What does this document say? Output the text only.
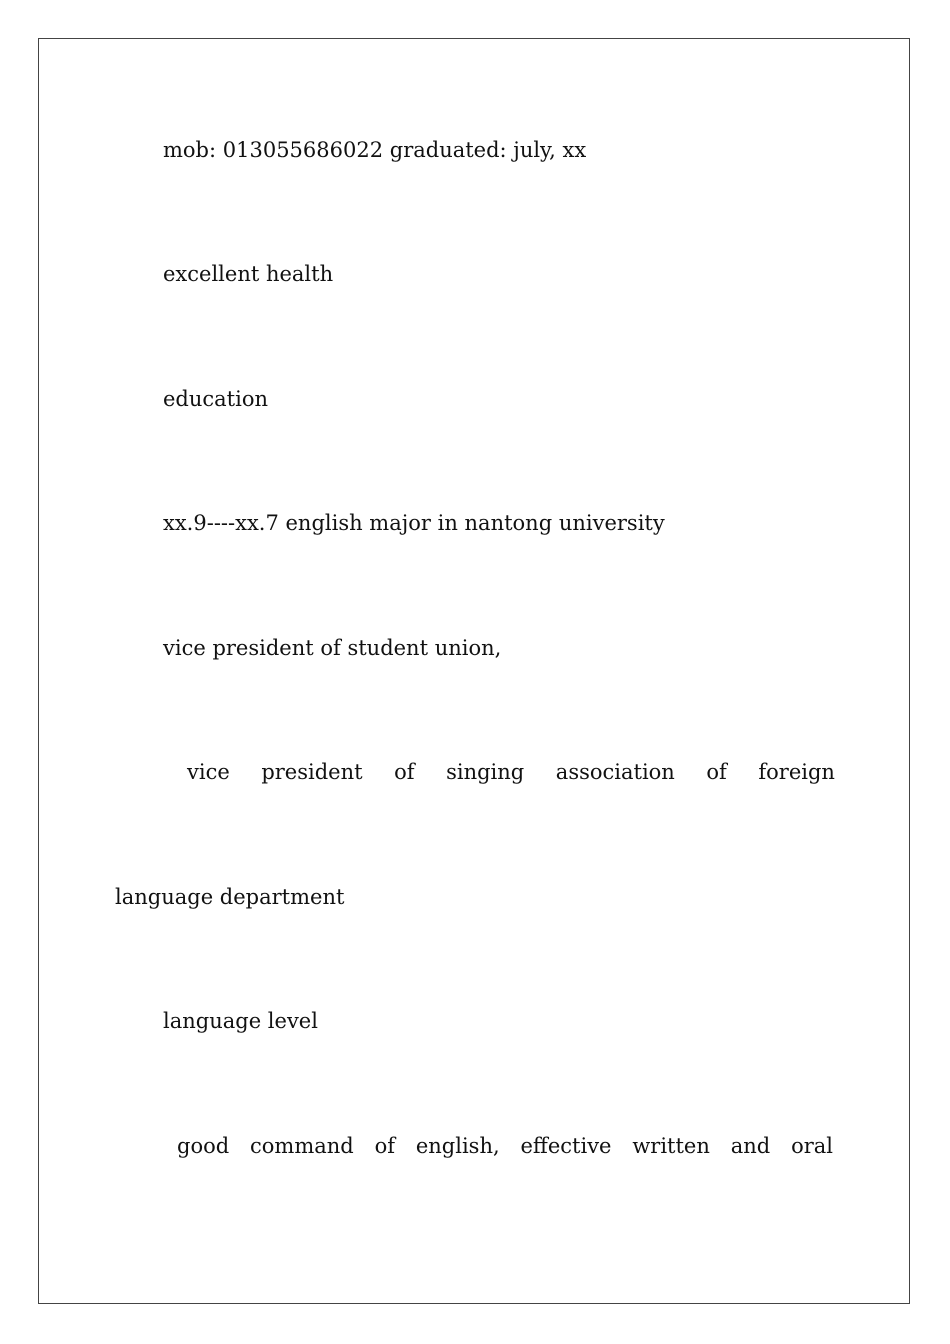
mob: 013055686022 graduated: july, xx
excellent health
education
xx.9----xx.7 english major in nantong university
vice president of student union,
vice president of singing association of foreign
language department
language level
good command of english, effective written and oral
